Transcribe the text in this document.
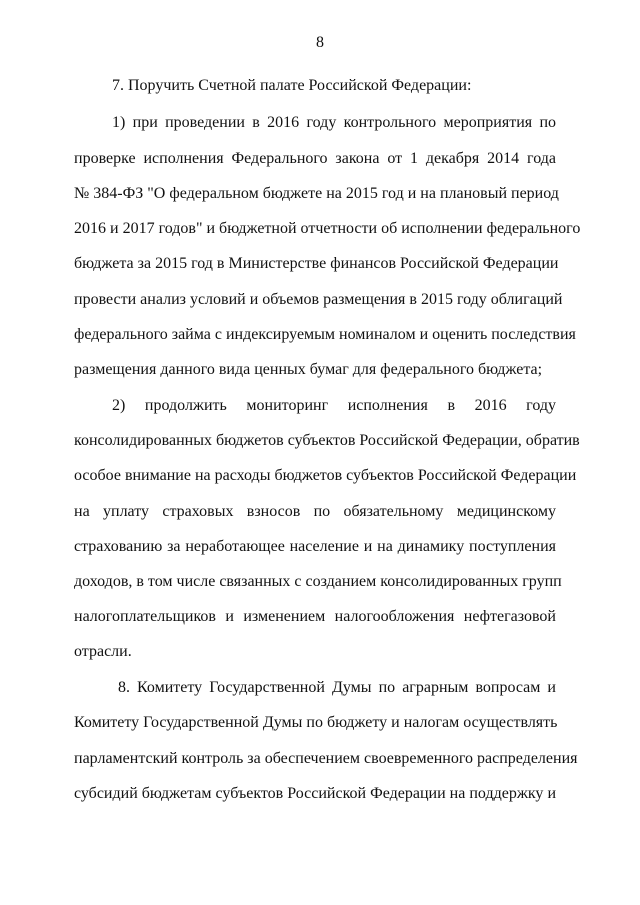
8
7. Поручить Счетной палате Российской Федерации:
1) при проведении в 2016 году контрольного мероприятия по
проверке исполнения Федерального закона от 1 декабря 2014 года
№ 384-ФЗ "О федеральном бюджете на 2015 год и на плановый период
2016 и 2017 годов" и бюджетной отчетности об исполнении федерального
бюджета за 2015 год в Министерстве финансов Российской Федерации
провести анализ условий и объемов размещения в 2015 году облигаций
федерального займа с индексируемым номиналом и оценить последствия
размещения данного вида ценных бумаг для федерального бюджета;
2) продолжить мониторинг исполнения в 2016 году
консолидированных бюджетов субъектов Российской Федерации, обратив
особое внимание на расходы бюджетов субъектов Российской Федерации
на уплату страховых взносов по обязательному медицинскому
страхованию за неработающее население и на динамику поступления
доходов, в том числе связанных с созданием консолидированных групп
налогоплательщиков и изменением налогообложения нефтегазовой
отрасли.
8. Комитету Государственной Думы по аграрным вопросам и
Комитету Государственной Думы по бюджету и налогам осуществлять
парламентский контроль за обеспечением своевременного распределения
субсидий бюджетам субъектов Российской Федерации на поддержку и
